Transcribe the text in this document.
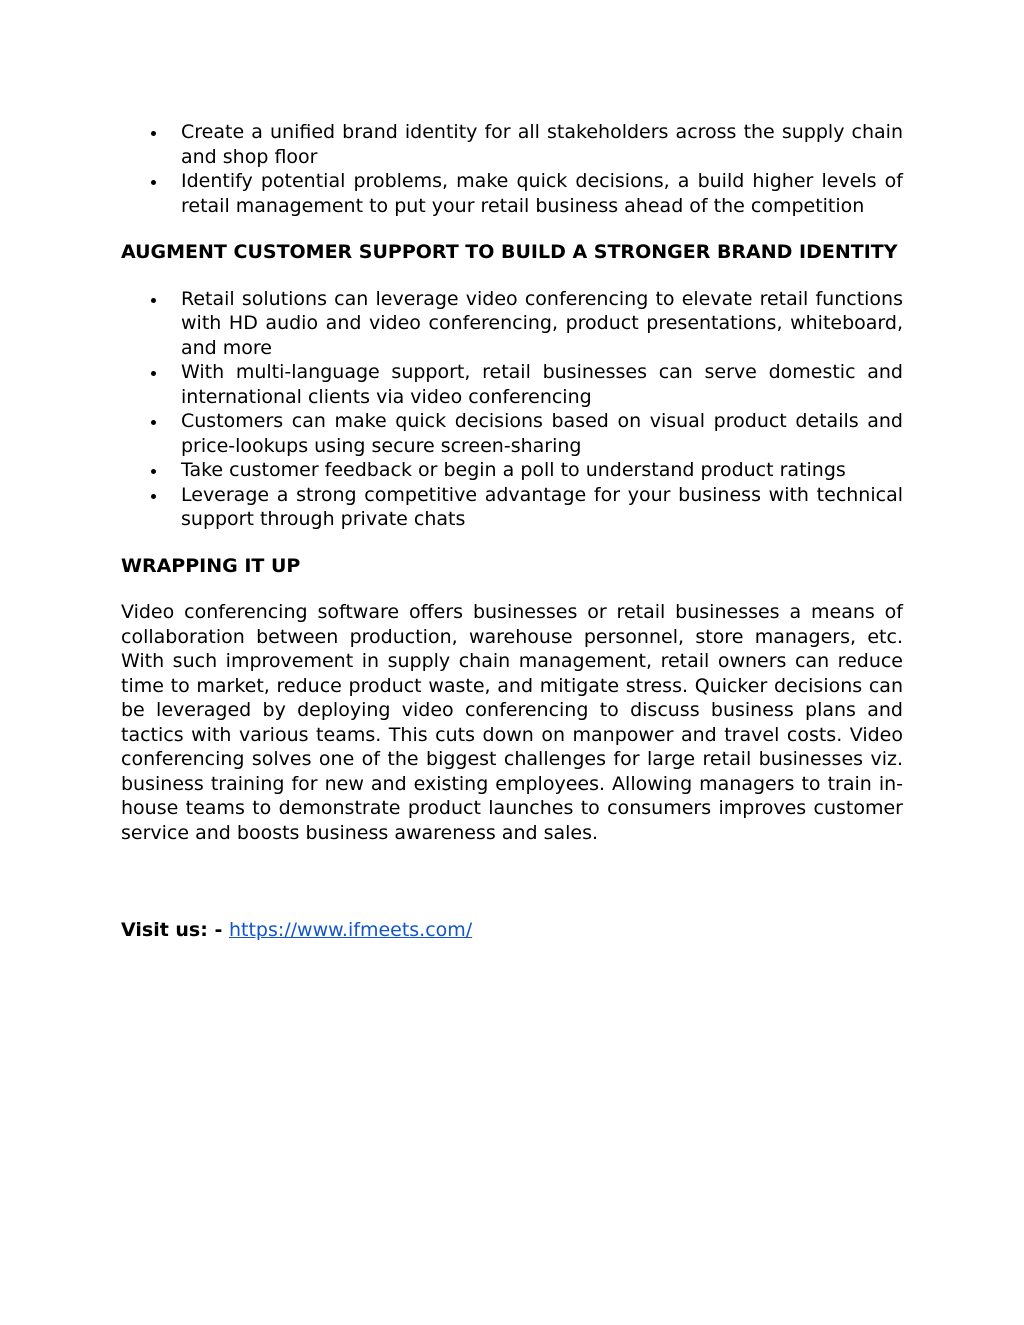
Create a unified brand identity for all stakeholders across the supply chain and shop floor
Identify potential problems, make quick decisions, a build higher levels of retail management to put your retail business ahead of the competition
AUGMENT CUSTOMER SUPPORT TO BUILD A STRONGER BRAND IDENTITY
Retail solutions can leverage video conferencing to elevate retail functions with HD audio and video conferencing, product presentations, whiteboard, and more
With multi-language support, retail businesses can serve domestic and international clients via video conferencing
Customers can make quick decisions based on visual product details and price-lookups using secure screen-sharing
Take customer feedback or begin a poll to understand product ratings
Leverage a strong competitive advantage for your business with technical support through private chats
WRAPPING IT UP

Video conferencing software offers businesses or retail businesses a means of collaboration between production, warehouse personnel, store managers, etc. With such improvement in supply chain management, retail owners can reduce time to market, reduce product waste, and mitigate stress. Quicker decisions can be leveraged by deploying video conferencing to discuss business plans and tactics with various teams. This cuts down on manpower and travel costs. Video conferencing solves one of the biggest challenges for large retail businesses viz. business training for new and existing employees. Allowing managers to train in-house teams to demonstrate product launches to consumers improves customer service and boosts business awareness and sales.

Visit us: - https://www.ifmeets.com/
